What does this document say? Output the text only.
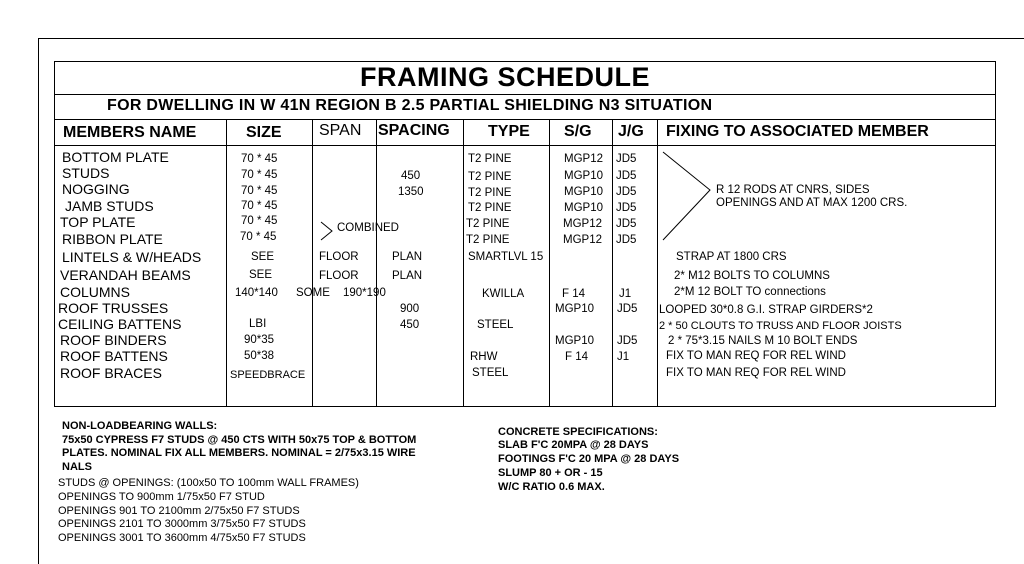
FRAMING SCHEDULE
FOR DWELLING IN W 41N REGION B 2.5 PARTIAL SHIELDING N3 SITUATION
MEMBERS NAME	SIZE SPAN SPACING TYPE S/G J/G FIXING TO ASSOCIATED MEMBER
BOTTOM PLATE
STUDS
NOGGING
JAMB STUDS
TOP PLATE
RIBBON PLATE
LINTELS & W/HEADS
VERANDAH BEAMS
COLUMNS
ROOF TRUSSES
CEILING BATTENS
ROOF BINDERS
ROOF BATTENS
ROOF BRACES
70 * 45
70 * 45
70 * 45
70 * 45
70 * 45
70 * 45
SEE
SEE
140*140
LBI
90*35
50*38
SPEEDBRACE
COMBINED
FLOOR
FLOOR
SOME
450
1350
PLAN
PLAN
190*190
900
450
T2 PINE
T2 PINE
T2 PINE
T2 PINE
T2 PINE
T2 PINE
SMARTLVL 15
KWILLA
STEEL
RHW
STEEL
MGP12
MGP10
MGP10
MGP10
MGP12
MGP12
F 14
MGP10
MGP10
F 14
JD5
JD5
JD5
JD5
JD5
JD5
J1
JD5
JD5
J1
R 12 RODS AT CNRS, SIDES
OPENINGS AND AT MAX 1200 CRS.
STRAP AT 1800 CRS
2* M12 BOLTS TO COLUMNS
2*M 12 BOLT TO connections
LOOPED 30*0.8 G.I. STRAP GIRDERS*2
2 * 50 CLOUTS TO TRUSS AND FLOOR JOISTS
2 * 75*3.15 NAILS M 10 BOLT ENDS
FIX TO MAN REQ FOR REL WIND
FIX TO MAN REQ FOR REL WIND
NON-LOADBEARING WALLS:
75x50 CYPRESS F7 STUDS @ 450 CTS WITH 50x75 TOP & BOTTOM
PLATES. NOMINAL FIX ALL MEMBERS. NOMINAL = 2/75x3.15 WIRE
NALS
STUDS @ OPENINGS: (100x50 TO 100mm WALL FRAMES)
OPENINGS TO 900mm 1/75x50 F7 STUD
OPENINGS 901 TO 2100mm 2/75x50 F7 STUDS
OPENINGS 2101 TO 3000mm 3/75x50 F7 STUDS
OPENINGS 3001 TO 3600mm 4/75x50 F7 STUDS
CONCRETE SPECIFICATIONS:
SLAB F'C 20MPA @ 28 DAYS
FOOTINGS F'C 20 MPA @ 28 DAYS
SLUMP 80 + OR - 15
W/C RATIO 0.6 MAX.
